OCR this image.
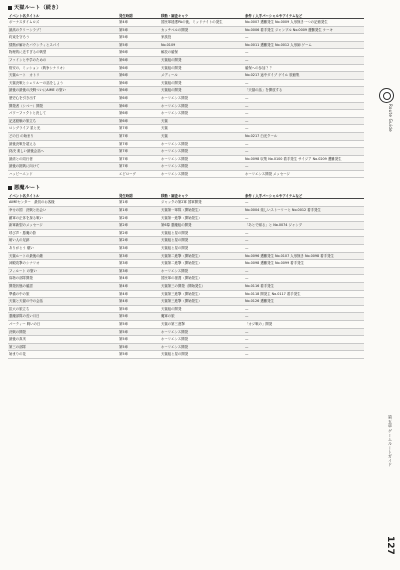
天獄ルート（続き）
イベント名タイトル	発生時期	移動・調査キャラ	条件 / 入手パーシャルやアイテムなど
ボーナスタイムロズ	第4章	国民軍援護PAの後、ミッドナイトの発生	No.0007 遭難発生 No.0009 人形無き一つの記憶発生
最高のクリーンラブ！	第5章	カッチベルの開発	No.0006 着手発生 ジャンプル No.0009 遭難発生 ケーキ
約束を守ろう	第5章	家族役	—
情熱が解けたバウンティとスパイ	第5章	No.0109	No.0011 遭難発生 No.0012 人形師 ゲーム
物理的に近すぎるの戦型	第6章	解放の確保	—
ファインと中学のための	第6章	天獄組の開発	—
格安の、ミッション（戦争シナリオ）	第6章	天獄組の開発	確保への参加 ？？
天獄ルート　カトリ	第6章	メディール	No.0217 途中ダイブ ゲイル 旅館集
天獄決戦とシェリルーの話をしよう	第6章	天獄組の開発	—
最後の最後の決戦ついにAIME の聖い	第6章	天獄組の開発	「天獄の話」を開放する
歴史心を引き出す	第6章	ホーリエンス開発	—
開発者（シベー）開発	第6章	ホーリエンス開発	—
パワーファクトと決して	第6章	ホーリエンス開発	—
記述経験の旅立ち	第6章	天獄	—
ロングライフ 星と光	第7章	天獄	—
どの日 の始まり	第7章	天獄	No.0217 白光クール
最後決戦を超える	第7章	ホーリエンス開発	—
終決 楽しい最後会話へ	第7章	ホーリエンス開発	—
最終との同行者	第7章	ホーリエンス開発	No.0098 収集 No.0100 着手発生 サイジア No.0209 遭難発生
最後の挑戦に向けて	第7章	ホーリエンス開発	—
ハッピーエンド	エピローグ	ホーリエンス開発	ホーリエンス開発 メッセージ
悪魔ルート
イベント名タイトル	発生時期	移動・調査キャラ	条件 / 入手パーシャルやアイテムなど
AIMEセンター　最初のお客様	第1章	ジャックの第2軍 国軍開発	—
幸せの国　決戦と出会い	第1章	天獄第一軍隊（開始発生）	No.0004 楽しいストーリーと No.0012 着手発生
敵軍の正体を探る戦い	第2章	天獄第一進撃（開始発生）	—
新軍新型のメッセージ	第2章	第6幕 悪魔組の開発	「あとで帰る」と No.0074 ジャンプ
呼び声・悪魔の影	第2章	天獄組と星の開発	—
暗い人の足跡	第2章	天獄組と星の開発	—
ありがとう 願い	第3章	天獄組と星の開発	—
天獄ルートの最後の敵	第3章	天獄第二進撃（開始発生）	No.0096 遭難発生 No.0107 人形無き No.0098 着手発生
神殿攻撃のシナリオ	第3章	天獄第二進撃（開始発生）	No.0098 遭難発生 No.0099 着手発生
フィルート の聖い	第3章	ホーリエンス開発	—
偽物の部隊開発	第4章	国民軍の援護（開始発生）	—
開発状態の確認	第4章	天獄第三の開発（開始発生）	No.0116 着手発生
準備の中の旅	第4章	天獄第三進撃（開始発生）	No.0118 開発主 No.0117 着手発生
天獄と天獄の中の会話	第4章	天獄第三進撃（開始発生）	No.0126 遭難発生
拡大の旅立ち	第5章	天獄組の開発	—
悪魔部隊の長い月日	第5章	魔軍の旅	—
パーティー 戦いの日	第5章	天獄の第三進撃	「カジ戦の」開発
決戦の開発	第5章	ホーリエンス開発	—
最後の真実	第5章	ホーリエンス開発	—
第三の部隊	第5章	ホーリエンス開発	—
始まりの花	第5章	天獄組と星の開発	—
Route Guide
第五章 ゲームルートガイド
127
